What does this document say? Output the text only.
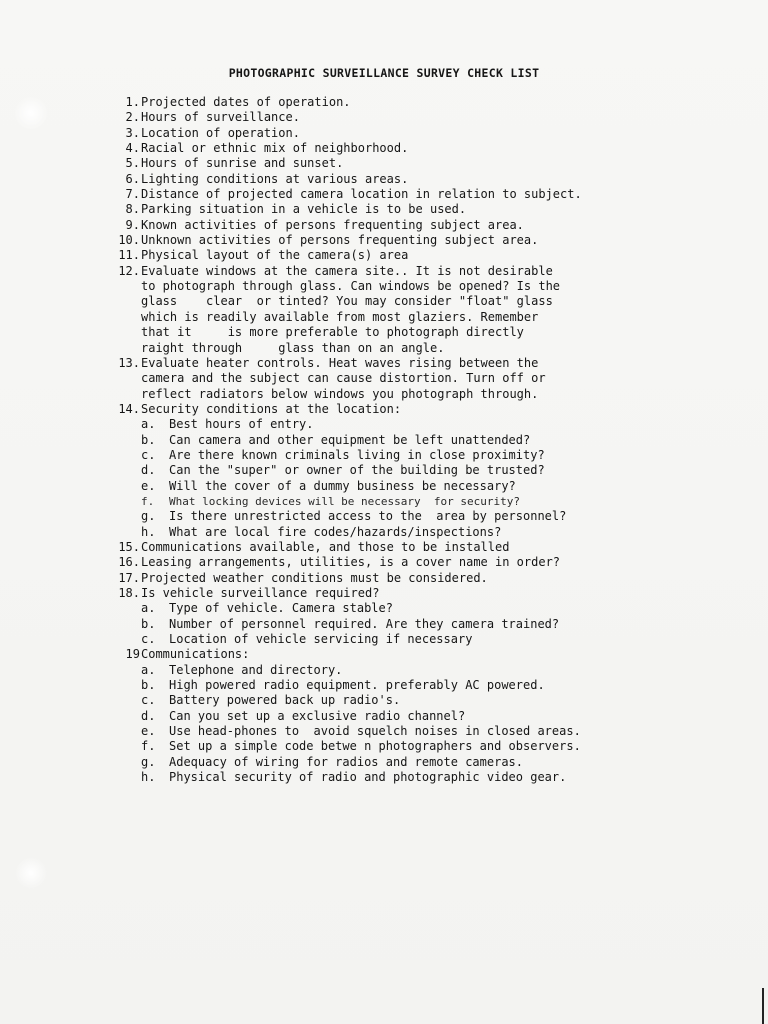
PHOTOGRAPHIC SURVEILLANCE SURVEY CHECK LIST
1. Projected dates of operation.
2. Hours of surveillance.
3. Location of operation.
4. Racial or ethnic mix of neighborhood.
5. Hours of sunrise and sunset.
6. Lighting conditions at various areas.
7. Distance of projected camera location in relation to subject.
8. Parking situation in a vehicle is to be used.
9. Known activities of persons frequenting subject area.
10. Unknown activities of persons frequenting subject area.
11. Physical layout of the camera(s) area
12. Evaluate windows at the camera site.. It is not desirable
to photograph through glass. Can windows be opened? Is the
glass    clear  or tinted? You may consider "float" glass
which is readily available from most glaziers. Remember
that it     is more preferable to photograph directly
raight through     glass than on an angle.
13. Evaluate heater controls. Heat waves rising between the
camera and the subject can cause distortion. Turn off or
reflect radiators below windows you photograph through.
14. Security conditions at the location:
a.	Best hours of entry.
b.	Can camera and other equipment be left unattended?
c.	Are there known criminals living in close proximity?
d.	Can the "super" or owner of the building be trusted?
e.	Will the cover of a dummy business be necessary?
f.	What locking devices will be necessary  for security?
g.	Is there unrestricted access to the  area by personnel?
h.	What are local fire codes/hazards/inspections?
15. Communications available, and those to be installed
16. Leasing arrangements, utilities, is a cover name in order?
17. Projected weather conditions must be considered.
18. Is vehicle surveillance required?
a.	Type of vehicle. Camera stable?
b.	Number of personnel required. Are they camera trained?
c.	Location of vehicle servicing if necessary
19 Communications:
a.	Telephone and directory.
b.	High powered radio equipment. preferably AC powered.
c.	Battery powered back up radio's.
d.	Can you set up a exclusive radio channel?
e.	Use head-phones to  avoid squelch noises in closed areas.
f.	Set up a simple code betwe n photographers and observers.
g.	Adequacy of wiring for radios and remote cameras.
h.	Physical security of radio and photographic video gear.
